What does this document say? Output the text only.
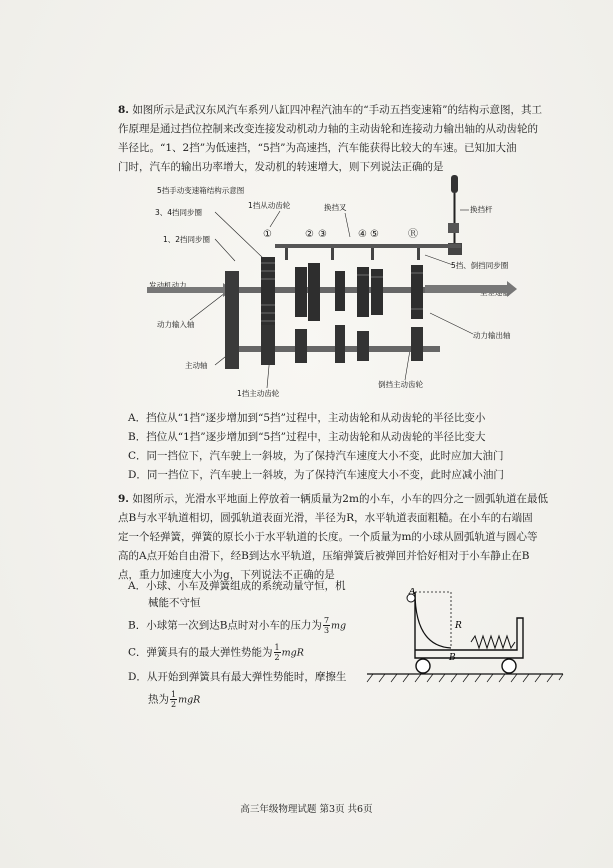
8. 如图所示是武汉东风汽车系列八缸四冲程汽油车的“手动五挡变速箱”的结构示意图，其工

作原理是通过挡位控制来改变连接发动机动力轴的主动齿轮和连接动力输出轴的从动齿轮的

半径比。“1、2挡”为低速挡，“5挡”为高速挡，汽车能获得比较大的车速。已知加大油

门时，汽车的输出功率增大，发动机的转速增大，则下列说法正确的是

5挡手动变速箱结构示意图
3、4挡同步圈
1、2挡同步圈
1挡从动齿轮	换挡叉	换挡杆
5挡、倒挡同步圈
发动机动力
动力输入轴
动力输出轴
主动轴
1挡主动齿轮
倒挡主动齿轮
①	② ③	④ ⑤	Ⓡ
A．挡位从“1挡”逐步增加到“5挡”过程中，主动齿轮和从动齿轮的半径比变小
B．挡位从“1挡”逐步增加到“5挡”过程中，主动齿轮和从动齿轮的半径比变大
C．同一挡位下，汽车驶上一斜坡，为了保持汽车速度大小不变，此时应加大油门
D．同一挡位下，汽车驶上一斜坡，为了保持汽车速度大小不变，此时应减小油门

9. 如图所示，光滑水平地面上停放着一辆质量为2m的小车，小车的四分之一圆弧轨道在最低

点B与水平轨道相切，圆弧轨道表面光滑，半径为R，水平轨道表面粗糙。在小车的右端固

定一个轻弹簧，弹簧的原长小于水平轨道的长度。一个质量为m的小球从圆弧轨道与圆心等

高的A点开始自由滑下，经B到达水平轨道，压缩弹簧后被弹回并恰好相对于小车静止在B

点，重力加速度大小为g，下列说法不正确的是

A．小球、小车及弹簧组成的系统动量守恒，机
械能不守恒
B．小球第一次到达B点时对小车的压力为 $\frac{7}{3}$ mg
C．弹簧具有的最大弹性势能为 $\frac{1}{2}$ mgR
D．从开始到弹簧具有最大弹性势能时，摩擦生
热为 $\frac{1}{2}$ mgR
A
B
R
高三年级物理试题 第3页 共6页
